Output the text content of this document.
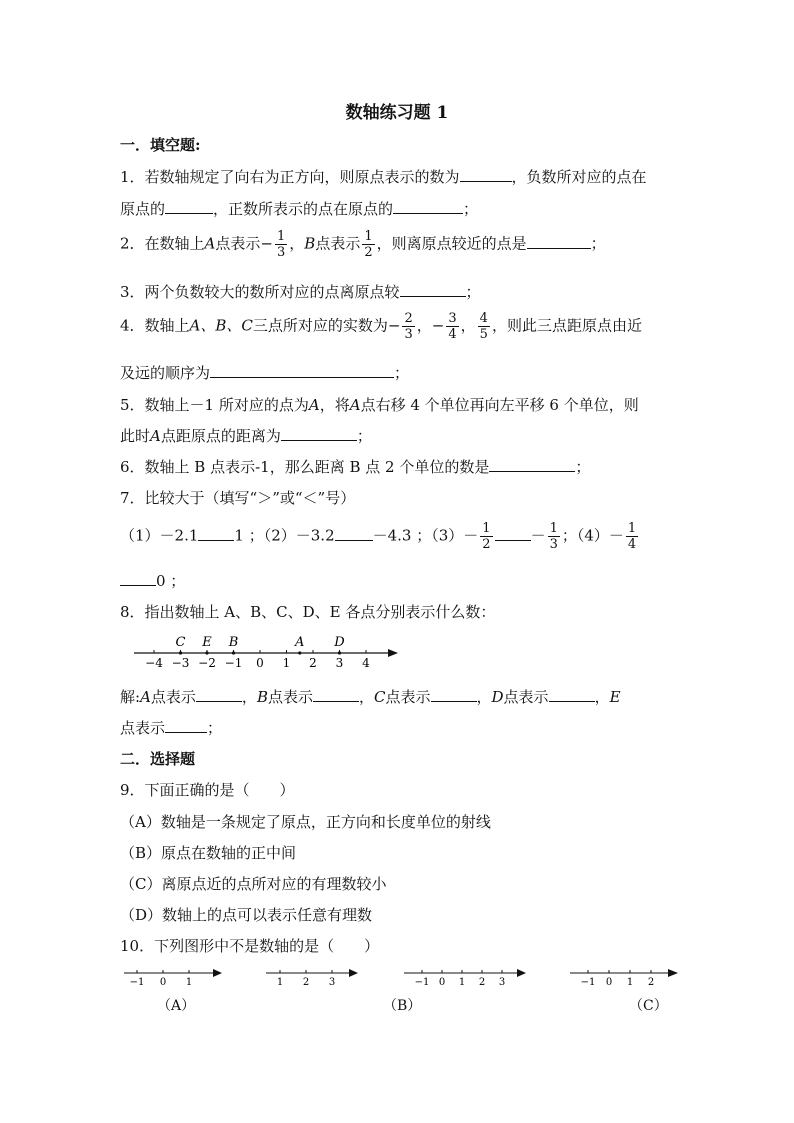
数轴练习题 1
一．填空题:
1．若数轴规定了向右为正方向，则原点表示的数为	，负数所对应的点在
原点的	，正数所表示的点在原点的	；
2．在数轴上A点表示− $\frac{1}{3}$ ，B点表示 $\frac{1}{2}$ ，则离原点较近的点是	；
3．两个负数较大的数所对应的点离原点较	；
4．数轴上A、B、C三点所对应的实数为− $\frac{2}{3}$ ，− $\frac{3}{4}$ ， $\frac{4}{5}$ ，则此三点距原点由近
及远的顺序为	；
5．数轴上－1 所对应的点为A，将A点右移 4 个单位再向左平移 6 个单位，则
此时A点距原点的距离为	；
6．数轴上 B 点表示-1，那么距离 B 点 2 个单位的数是	；
7．比较大于（填写“＞”或“＜”号）
（1）－2.1 1 ；（2）－3.2	－4.3 ；$(3)- \frac{1}{2}$	－ $\frac{1}{3}$ ；$(4)- \frac{1}{4}$
0 ；
8．指出数轴上 A、B、C、D、E 各点分别表示什么数：
−4 −3 −2 −1 0 1 2 3 4
C E B	A D
解:A点表示	，B点表示	，C点表示	，D点表示	，E
点表示	；
二．选择题
9．下面正确的是（　　）
（A）数轴是一条规定了原点，正方向和长度单位的射线
（B）原点在数轴的正中间
（C）离原点近的点所对应的有理数较小
（D）数轴上的点可以表示任意有理数
10．下列图形中不是数轴的是（　　）
−1 0 1	1 2 3	−1 0 1 2 3	−1 0 1 2
（A）	（B）	（C）
